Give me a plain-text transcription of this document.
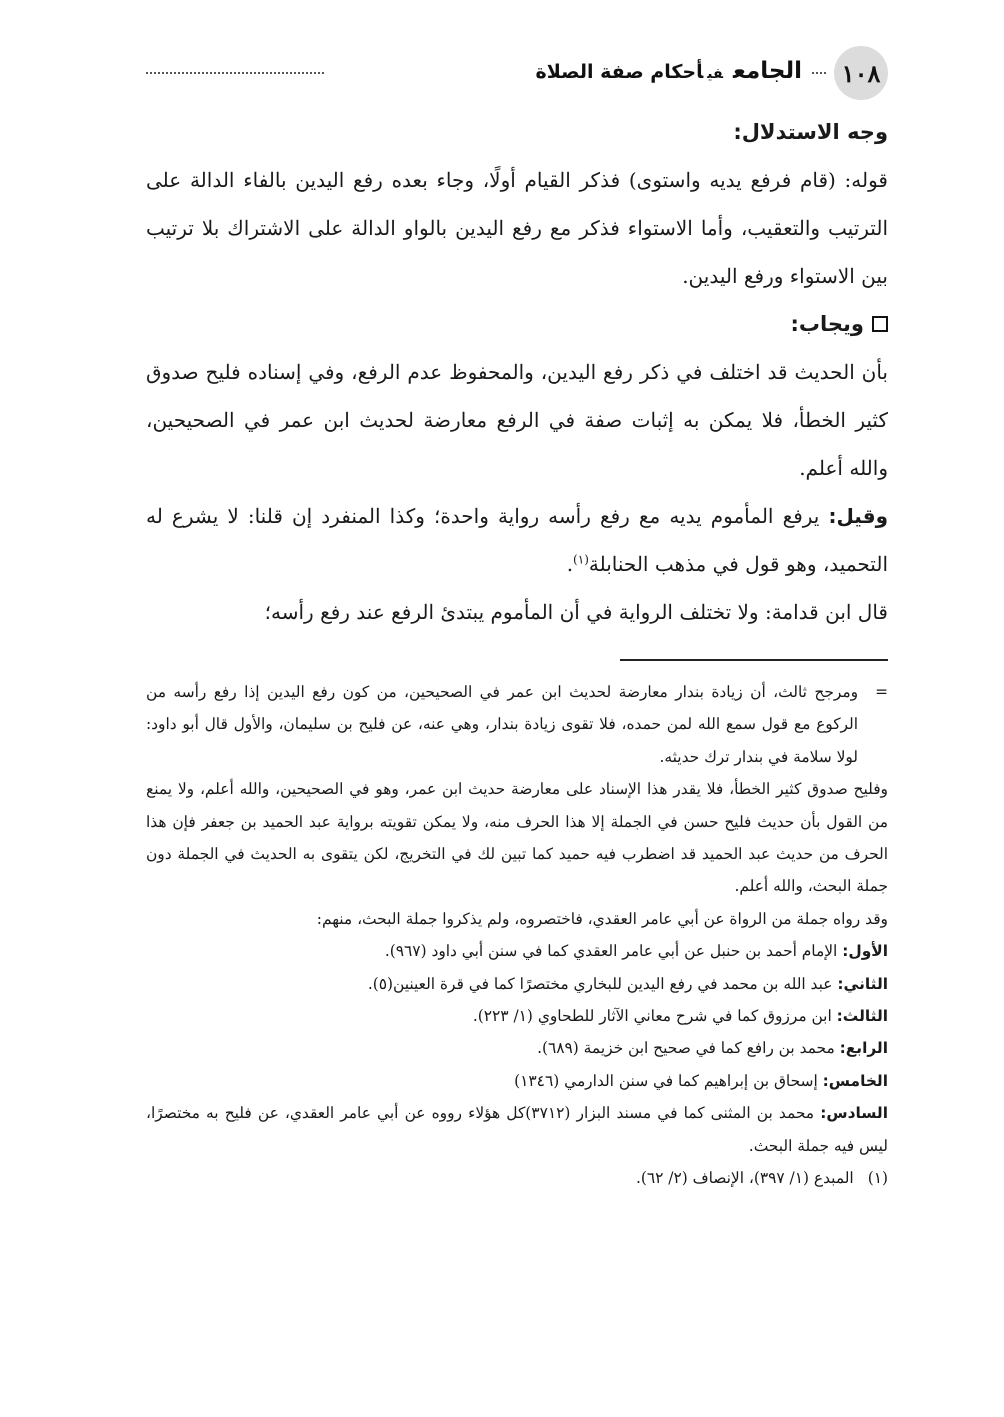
١٠٨
الجامعفيأحكام صفة الصلاة

وجه الاستدلال:

قوله: (قام فرفع يديه واستوى) فذكر القيام أولًا، وجاء بعده رفع اليدين بالفاء الدالة على الترتيب والتعقيب، وأما الاستواء فذكر مع رفع اليدين بالواو الدالة على الاشتراك بلا ترتيب بين الاستواء ورفع اليدين.

ويجاب:

بأن الحديث قد اختلف في ذكر رفع اليدين، والمحفوظ عدم الرفع، وفي إسناده فليح صدوق كثير الخطأ، فلا يمكن به إثبات صفة في الرفع معارضة لحديث ابن عمر في الصحيحين، والله أعلم.

وقيل: يرفع المأموم يديه مع رفع رأسه رواية واحدة؛ وكذا المنفرد إن قلنا: لا يشرع له التحميد، وهو قول في مذهب الحنابلة$^{(١)}$.

قال ابن قدامة: ولا تختلف الرواية في أن المأموم يبتدئ الرفع عند رفع رأسه؛

=

ومرجح ثالث، أن زيادة بندار معارضة لحديث ابن عمر في الصحيحين، من كون رفع اليدين إذا رفع رأسه من الركوع مع قول سمع الله لمن حمده، فلا تقوى زيادة بندار، وهي عنه، عن فليح بن سليمان، والأول قال أبو داود: لولا سلامة في بندار ترك حديثه.

وفليح صدوق كثير الخطأ، فلا يقدر هذا الإسناد على معارضة حديث ابن عمر، وهو في الصحيحين، والله أعلم، ولا يمنع من القول بأن حديث فليح حسن في الجملة إلا هذا الحرف منه، ولا يمكن تقويته برواية عبد الحميد بن جعفر فإن هذا الحرف من حديث عبد الحميد قد اضطرب فيه حميد كما تبين لك في التخريج، لكن يتقوى به الحديث في الجملة دون جملة البحث، والله أعلم.

وقد رواه جملة من الرواة عن أبي عامر العقدي، فاختصروه، ولم يذكروا جملة البحث، منهم:

الأول: الإمام أحمد بن حنبل عن أبي عامر العقدي كما في سنن أبي داود (٩٦٧).

الثاني: عبد الله بن محمد في رفع اليدين للبخاري مختصرًا كما في قرة العينين(٥).

الثالث: ابن مرزوق كما في شرح معاني الآثار للطحاوي (١/ ٢٢٣).

الرابع: محمد بن رافع كما في صحيح ابن خزيمة (٦٨٩).

الخامس: إسحاق بن إبراهيم كما في سنن الدارمي (١٣٤٦)

السادس: محمد بن المثنى كما في مسند البزار (٣٧١٢)كل هؤلاء رووه عن أبي عامر العقدي، عن فليح به مختصرًا، ليس فيه جملة البحث.

(١)
المبدع (١/ ٣٩٧)، الإنصاف (٢/ ٦٢).
